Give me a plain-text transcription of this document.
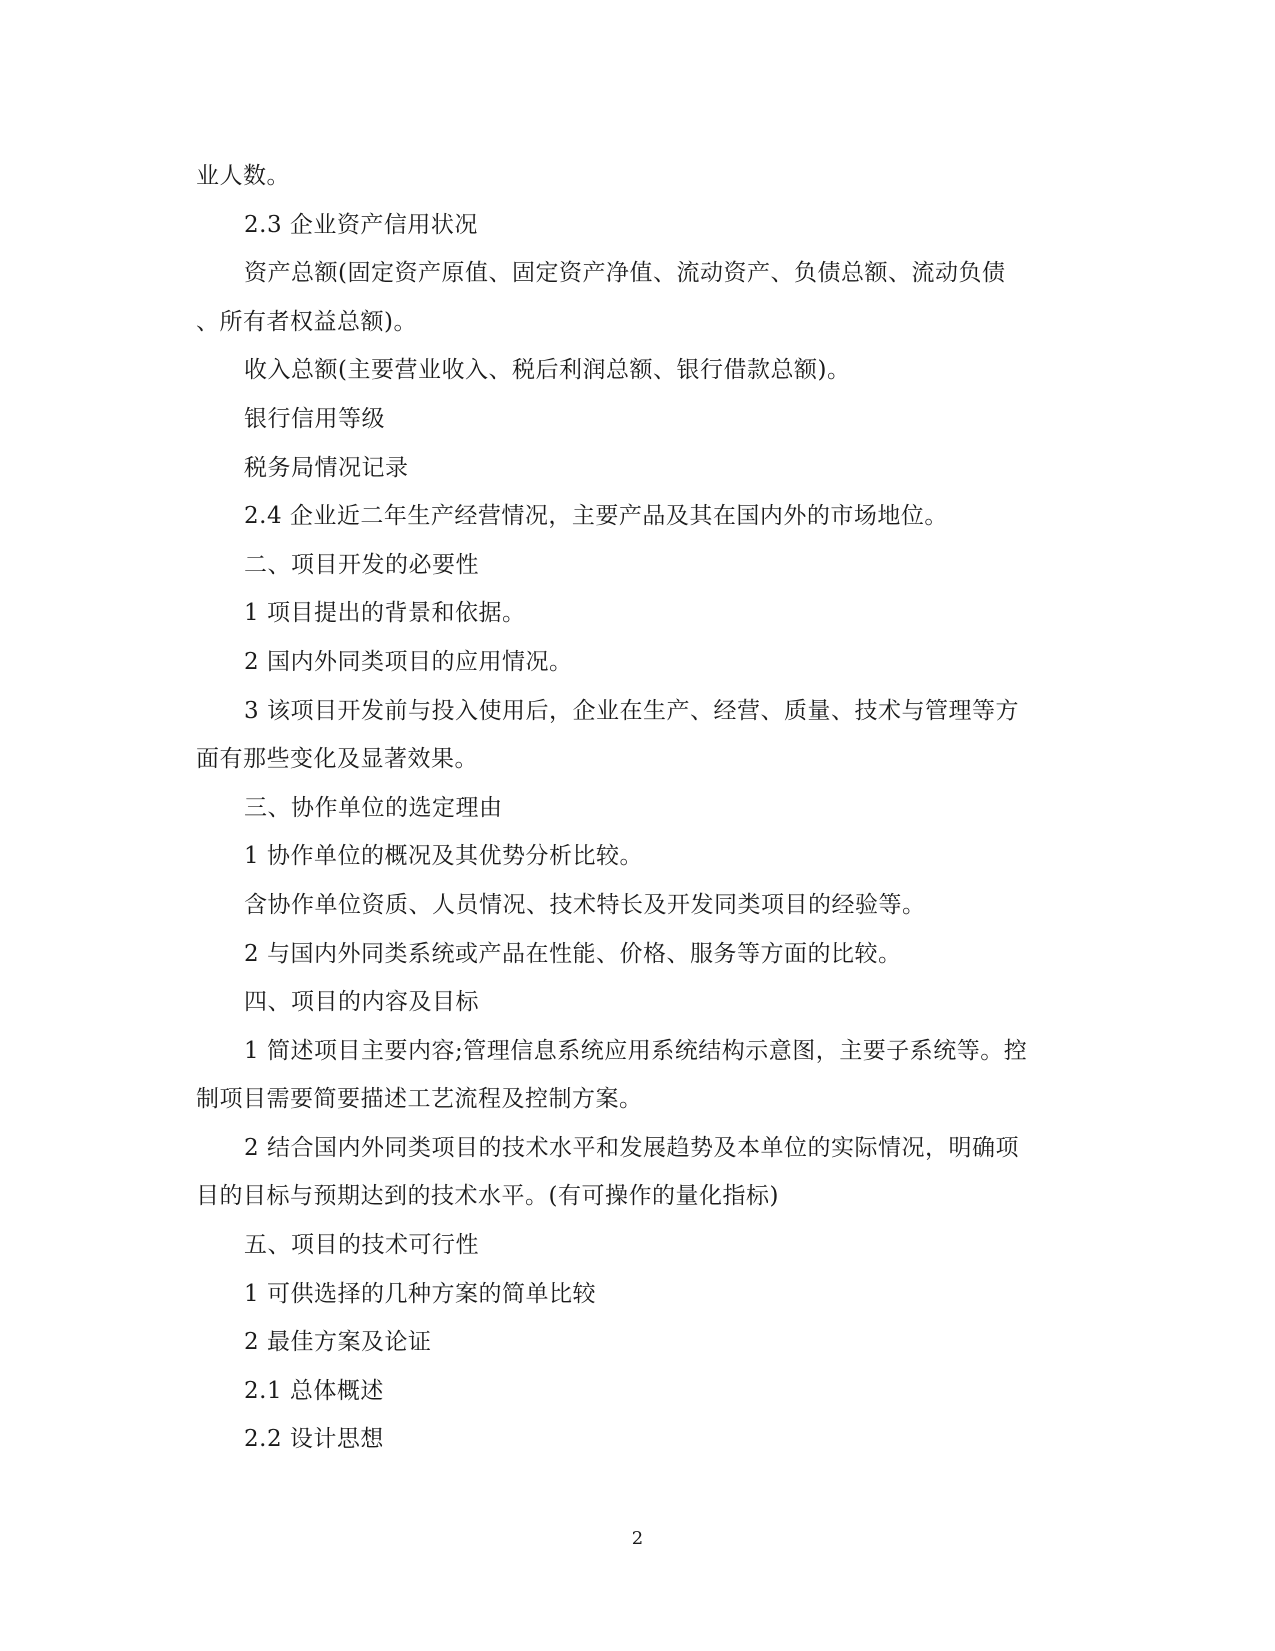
业人数。
2.3 企业资产信用状况
资产总额(固定资产原值、固定资产净值、流动资产、负债总额、流动负债
、所有者权益总额)。
收入总额(主要营业收入、税后利润总额、银行借款总额)。
银行信用等级
税务局情况记录
2.4 企业近二年生产经营情况，主要产品及其在国内外的市场地位。
二、项目开发的必要性
1 项目提出的背景和依据。
2 国内外同类项目的应用情况。
3 该项目开发前与投入使用后，企业在生产、经营、质量、技术与管理等方
面有那些变化及显著效果。
三、协作单位的选定理由
1 协作单位的概况及其优势分析比较。
含协作单位资质、人员情况、技术特长及开发同类项目的经验等。
2 与国内外同类系统或产品在性能、价格、服务等方面的比较。
四、项目的内容及目标
1 简述项目主要内容;管理信息系统应用系统结构示意图，主要子系统等。控
制项目需要简要描述工艺流程及控制方案。
2 结合国内外同类项目的技术水平和发展趋势及本单位的实际情况，明确项
目的目标与预期达到的技术水平。(有可操作的量化指标)
五、项目的技术可行性
1 可供选择的几种方案的简单比较
2 最佳方案及论证
2.1 总体概述
2.2 设计思想
2
